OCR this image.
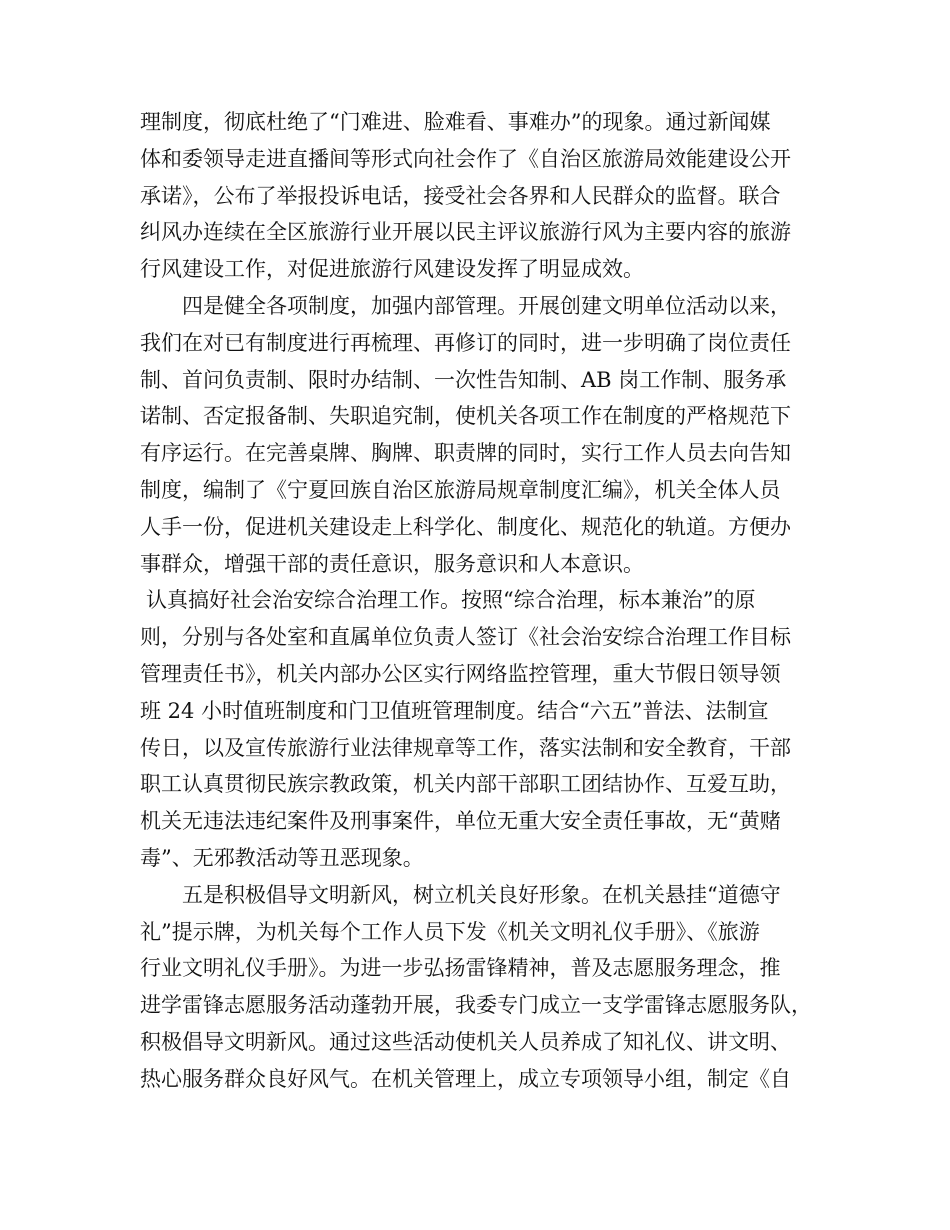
理制度，彻底杜绝了“门难进、脸难看、事难办”的现象。通过新闻媒
体和委领导走进直播间等形式向社会作了《自治区旅游局效能建设公开
承诺》，公布了举报投诉电话，接受社会各界和人民群众的监督。联合
纠风办连续在全区旅游行业开展以民主评议旅游行风为主要内容的旅游
行风建设工作，对促进旅游行风建设发挥了明显成效。
四是健全各项制度，加强内部管理。开展创建文明单位活动以来，
我们在对已有制度进行再梳理、再修订的同时，进一步明确了岗位责任
制、首问负责制、限时办结制、一次性告知制、AB 岗工作制、服务承
诺制、否定报备制、失职追究制，使机关各项工作在制度的严格规范下
有序运行。在完善桌牌、胸牌、职责牌的同时，实行工作人员去向告知
制度，编制了《宁夏回族自治区旅游局规章制度汇编》，机关全体人员
人手一份，促进机关建设走上科学化、制度化、规范化的轨道。方便办
事群众，增强干部的责任意识，服务意识和人本意识。
认真搞好社会治安综合治理工作。按照“综合治理，标本兼治”的原
则，分别与各处室和直属单位负责人签订《社会治安综合治理工作目标
管理责任书》，机关内部办公区实行网络监控管理，重大节假日领导领
班 24 小时值班制度和门卫值班管理制度。结合“六五”普法、法制宣
传日，以及宣传旅游行业法律规章等工作，落实法制和安全教育，干部
职工认真贯彻民族宗教政策，机关内部干部职工团结协作、互爱互助，
机关无违法违纪案件及刑事案件，单位无重大安全责任事故，无“黄赌
毒”、无邪教活动等丑恶现象。
五是积极倡导文明新风，树立机关良好形象。在机关悬挂“道德守
礼”提示牌，为机关每个工作人员下发《机关文明礼仪手册》、《旅游
行业文明礼仪手册》。为进一步弘扬雷锋精神，普及志愿服务理念，推
进学雷锋志愿服务活动蓬勃开展，我委专门成立一支学雷锋志愿服务队，
积极倡导文明新风。通过这些活动使机关人员养成了知礼仪、讲文明、
热心服务群众良好风气。在机关管理上，成立专项领导小组，制定《自
